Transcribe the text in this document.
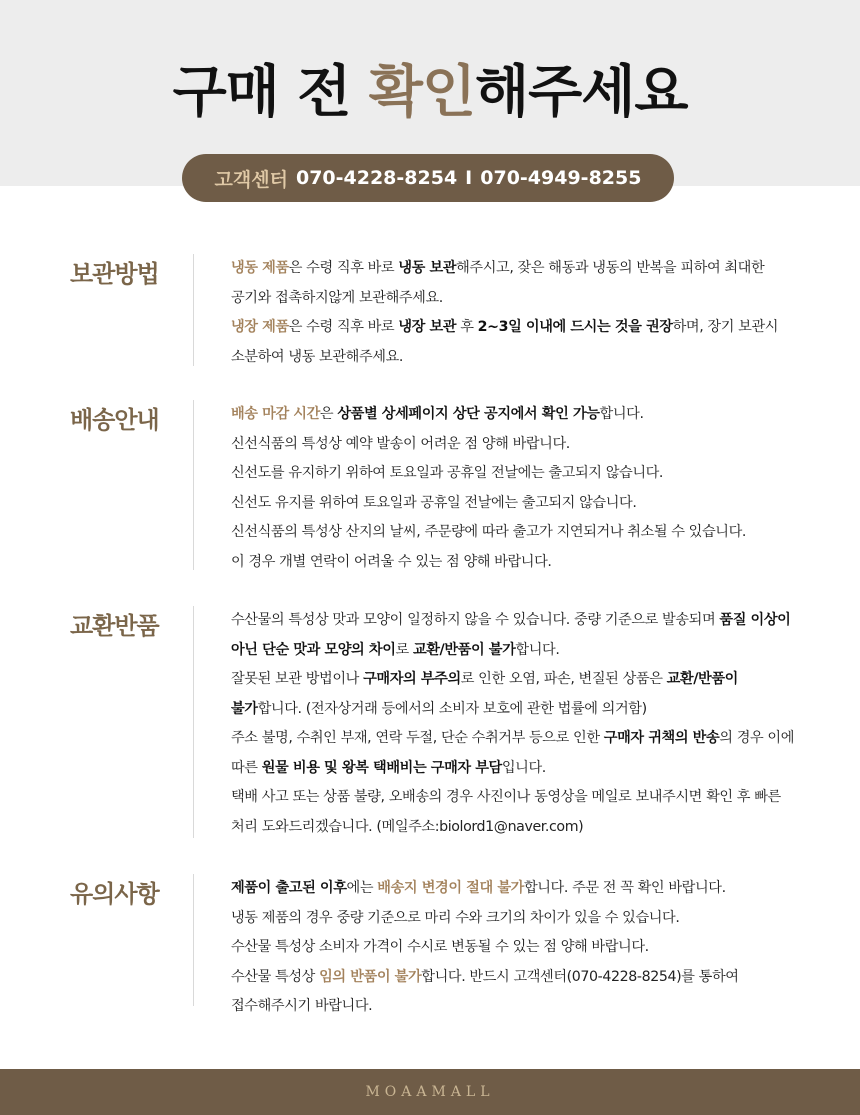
구매 전 확인해주세요
고객센터 070-4228-8254 I 070-4949-8255
보관방법	냉동 제품은 수령 직후 바로 냉동 보관해주시고, 잦은 해동과 냉동의 반복을 피하여 최대한 공기와 접촉하지않게 보관해주세요.

냉장 제품은 수령 직후 바로 냉장 보관 후 2~3일 이내에 드시는 것을 권장하며, 장기 보관시 소분하여 냉동 보관해주세요.

배송안내	배송 마감 시간은 상품별 상세페이지 상단 공지에서 확인 가능합니다.

신선식품의 특성상 예약 발송이 어려운 점 양해 바랍니다.

신선도를 유지하기 위하여 토요일과 공휴일 전날에는 출고되지 않습니다.

신선도 유지를 위하여 토요일과 공휴일 전날에는 출고되지 않습니다.

신선식품의 특성상 산지의 날씨, 주문량에 따라 출고가 지연되거나 취소될 수 있습니다.

이 경우 개별 연락이 어려울 수 있는 점 양해 바랍니다.

교환반품	수산물의 특성상 맛과 모양이 일정하지 않을 수 있습니다. 중량 기준으로 발송되며 품질 이상이 아닌 단순 맛과 모양의 차이로 교환/반품이 불가합니다.

잘못된 보관 방법이나 구매자의 부주의로 인한 오염, 파손, 변질된 상품은 교환/반품이 불가합니다. (전자상거래 등에서의 소비자 보호에 관한 법률에 의거함)

주소 불명, 수취인 부재, 연락 두절, 단순 수취거부 등으로 인한 구매자 귀책의 반송의 경우 이에 따른 원물 비용 및 왕복 택배비는 구매자 부담입니다.

택배 사고 또는 상품 불량, 오배송의 경우 사진이나 동영상을 메일로 보내주시면 확인 후 빠른 처리 도와드리겠습니다. (메일주소:biolord1@naver.com)

유의사항	제품이 출고된 이후에는 배송지 변경이 절대 불가합니다. 주문 전 꼭 확인 바랍니다.

냉동 제품의 경우 중량 기준으로 마리 수와 크기의 차이가 있을 수 있습니다.

수산물 특성상 소비자 가격이 수시로 변동될 수 있는 점 양해 바랍니다.

수산물 특성상 임의 반품이 불가합니다. 반드시 고객센터(070-4228-8254)를 통하여 접수해주시기 바랍니다.

MOAAMALL
